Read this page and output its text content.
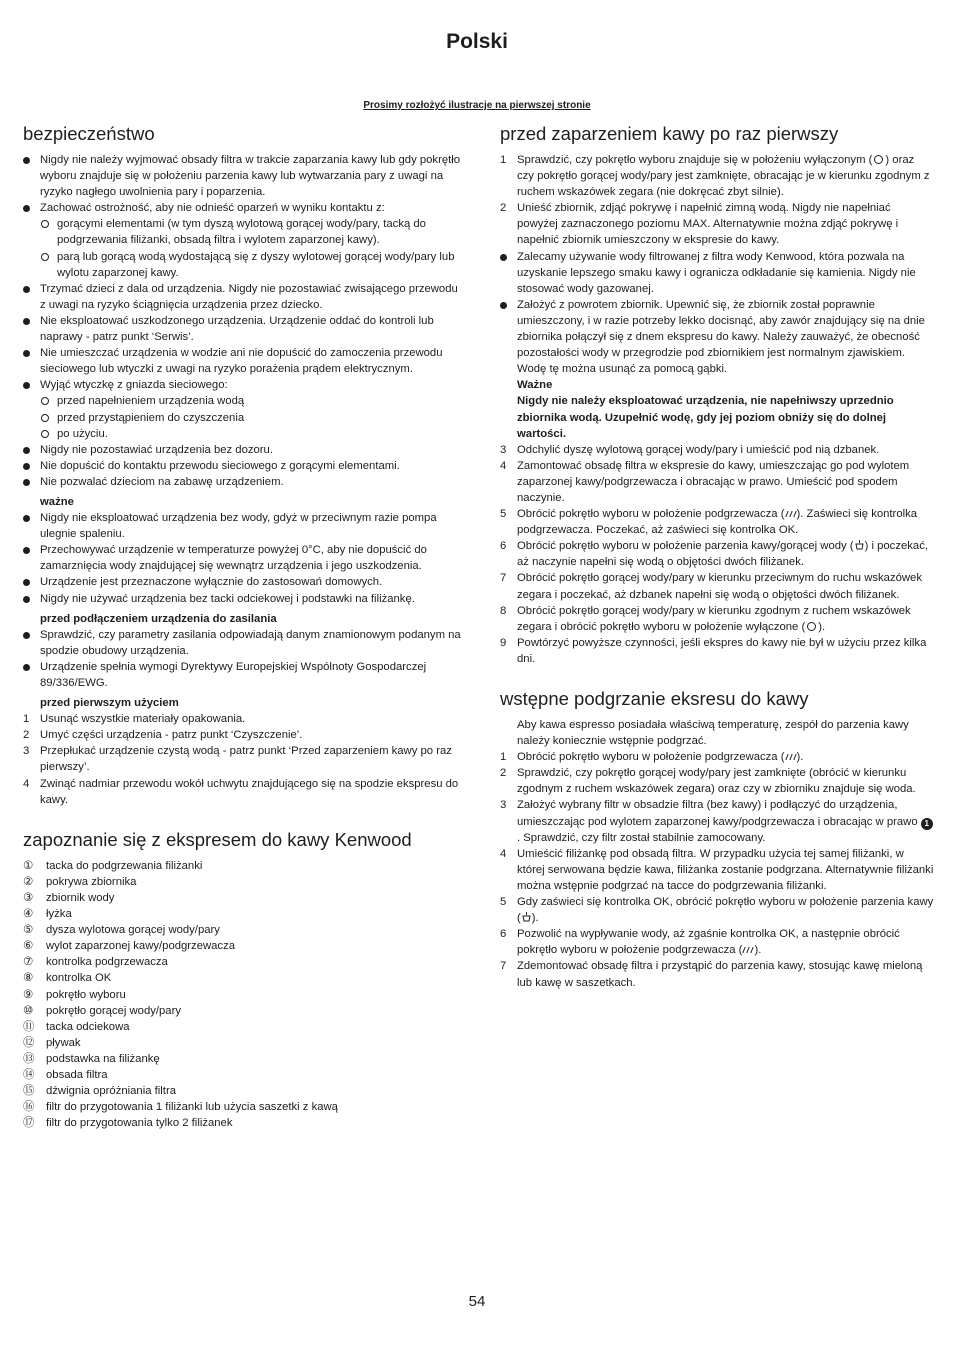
Polski
Prosimy rozłożyć ilustracje na pierwszej stronie
bezpieczeństwo
Nigdy nie należy wyjmować obsady filtra w trakcie zaparzania kawy lub gdy pokrętło wyboru znajduje się w położeniu parzenia kawy lub wytwarzania pary z uwagi na ryzyko nagłego uwolnienia pary i poparzenia.
Zachować ostrożność, aby nie odnieść oparzeń w wyniku kontaktu z:
gorącymi elementami (w tym dyszą wylotową gorącej wody/pary, tacką do podgrzewania filiżanki, obsadą filtra i wylotem zaparzonej kawy).
parą lub gorącą wodą wydostającą się z dyszy wylotowej gorącej wody/pary lub wylotu zaparzonej kawy.
Trzymać dzieci z dala od urządzenia. Nigdy nie pozostawiać zwisającego przewodu z uwagi na ryzyko ściągnięcia urządzenia przez dziecko.
Nie eksploatować uszkodzonego urządzenia. Urządzenie oddać do kontroli lub naprawy - patrz punkt ‘Serwis’.
Nie umieszczać urządzenia w wodzie ani nie dopuścić do zamoczenia przewodu sieciowego lub wtyczki z uwagi na ryzyko porażenia prądem elektrycznym.
Wyjąć wtyczkę z gniazda sieciowego:
przed napełnieniem urządzenia wodą
przed przystąpieniem do czyszczenia
po użyciu.
Nigdy nie pozostawiać urządzenia bez dozoru.
Nie dopuścić do kontaktu przewodu sieciowego z gorącymi elementami.
Nie pozwalać dzieciom na zabawę urządzeniem.
ważne
Nigdy nie eksploatować urządzenia bez wody, gdyż w przeciwnym razie pompa ulegnie spaleniu.
Przechowywać urządzenie w temperaturze powyżej 0°C, aby nie dopuścić do zamarznięcia wody znajdującej się wewnątrz urządzenia i jego uszkodzenia.
Urządzenie jest przeznaczone wyłącznie do zastosowań domowych.
Nigdy nie używać urządzenia bez tacki odciekowej i podstawki na filiżankę.
przed podłączeniem urządzenia do zasilania
Sprawdzić, czy parametry zasilania odpowiadają danym znamionowym podanym na spodzie obudowy urządzenia.
Urządzenie spełnia wymogi Dyrektywy Europejskiej Wspólnoty Gospodarczej 89/336/EWG.
przed pierwszym użyciem
1 Usunąć wszystkie materiały opakowania.
2 Umyć części urządzenia - patrz punkt ‘Czyszczenie’.
3 Przepłukać urządzenie czystą wodą - patrz punkt ‘Przed zaparzeniem kawy po raz pierwszy’.
4 Zwinąć nadmiar przewodu wokół uchwytu znajdującego się na spodzie ekspresu do kawy.
zapoznanie się z ekspresem do kawy Kenwood
①	tacka do podgrzewania filiżanki
②	pokrywa zbiornika
③	zbiornik wody
④	łyżka
⑤	dysza wylotowa gorącej wody/pary
⑥	wylot zaparzonej kawy/podgrzewacza
⑦	kontrolka podgrzewacza
⑧	kontrolka OK
⑨	pokrętło wyboru
⑩	pokrętło gorącej wody/pary
⑪ tacka odciekowa
⑫ pływak
⑬ podstawka na filiżankę
⑭ obsada filtra
⑮ dźwignia opróżniania filtra
⑯ filtr do przygotowania 1 filiżanki lub użycia saszetki z kawą
⑰ filtr do przygotowania tylko 2 filiżanek
przed zaparzeniem kawy po raz pierwszy
1 Sprawdzić, czy pokrętło wyboru znajduje się w położeniu wyłączonym ( ) oraz czy pokrętło gorącej wody/pary jest zamknięte, obracając je w kierunku zgodnym z ruchem wskazówek zegara (nie dokręcać zbyt silnie).
2 Unieść zbiornik, zdjąć pokrywę i napełnić zimną wodą. Nigdy nie napełniać powyżej zaznaczonego poziomu MAX. Alternatywnie można zdjąć pokrywę i napełnić zbiornik umieszczony w ekspresie do kawy.
Zalecamy używanie wody filtrowanej z filtra wody Kenwood, która pozwala na uzyskanie lepszego smaku kawy i ogranicza odkładanie się kamienia. Nigdy nie stosować wody gazowanej.
Założyć z powrotem zbiornik. Upewnić się, że zbiornik został poprawnie umieszczony, i w razie potrzeby lekko docisnąć, aby zawór znajdujący się na dnie zbiornika połączył się z dnem ekspresu do kawy. Należy zauważyć, że obecność pozostałości wody w przegrodzie pod zbiornikiem jest normalnym zjawiskiem.
Wodę tę można usunąć za pomocą gąbki.
Ważne
Nigdy nie należy eksploatować urządzenia, nie napełniwszy uprzednio zbiornika wodą. Uzupełnić wodę, gdy jej poziom obniży się do dolnej wartości.
3 Odchylić dyszę wylotową gorącej wody/pary i umieścić pod nią dzbanek.
4 Zamontować obsadę filtra w ekspresie do kawy, umieszczając go pod wylotem zaparzonej kawy/podgrzewacza i obracając w prawo. Umieścić pod spodem naczynie.
5 Obrócić pokrętło wyboru w położenie podgrzewacza ( ). Zaświeci się kontrolka podgrzewacza. Poczekać, aż zaświeci się kontrolka OK.
6 Obrócić pokrętło wyboru w położenie parzenia kawy/gorącej wody ( ) i poczekać, aż naczynie napełni się wodą o objętości dwóch filiżanek.
7 Obrócić pokrętło gorącej wody/pary w kierunku przeciwnym do ruchu wskazówek zegara i poczekać, aż dzbanek napełni się wodą o objętości dwóch filiżanek.
8 Obrócić pokrętło gorącej wody/pary w kierunku zgodnym z ruchem wskazówek zegara i obrócić pokrętło wyboru w położenie wyłączone ( ).
9 Powtórzyć powyższe czynności, jeśli ekspres do kawy nie był w użyciu przez kilka dni.
wstępne podgrzanie eksresu do kawy
Aby kawa espresso posiadała właściwą temperaturę, zespół do parzenia kawy należy koniecznie wstępnie podgrzać.
1 Obrócić pokrętło wyboru w położenie podgrzewacza ( ).
2 Sprawdzić, czy pokrętło gorącej wody/pary jest zamknięte (obrócić w kierunku zgodnym z ruchem wskazówek zegara) oraz czy w zbiorniku znajduje się woda.
3 Założyć wybrany filtr w obsadzie filtra (bez kawy) i podłączyć do urządzenia, umieszczając pod wylotem zaparzonej kawy/podgrzewacza i obracając w prawo 1. Sprawdzić, czy filtr został stabilnie zamocowany.
4 Umieścić filiżankę pod obsadą filtra. W przypadku użycia tej samej filiżanki, w której serwowana będzie kawa, filiżanka zostanie podgrzana. Alternatywnie filiżanki można wstępnie podgrzać na tacce do podgrzewania filiżanki.
5 Gdy zaświeci się kontrolka OK, obrócić pokrętło wyboru w położenie parzenia kawy ( ).
6 Pozwolić na wypływanie wody, aż zgaśnie kontrolka OK, a następnie obrócić pokrętło wyboru w położenie podgrzewacza ( ).
7 Zdemontować obsadę filtra i przystąpić do parzenia kawy, stosując kawę mieloną lub kawę w saszetkach.
54
